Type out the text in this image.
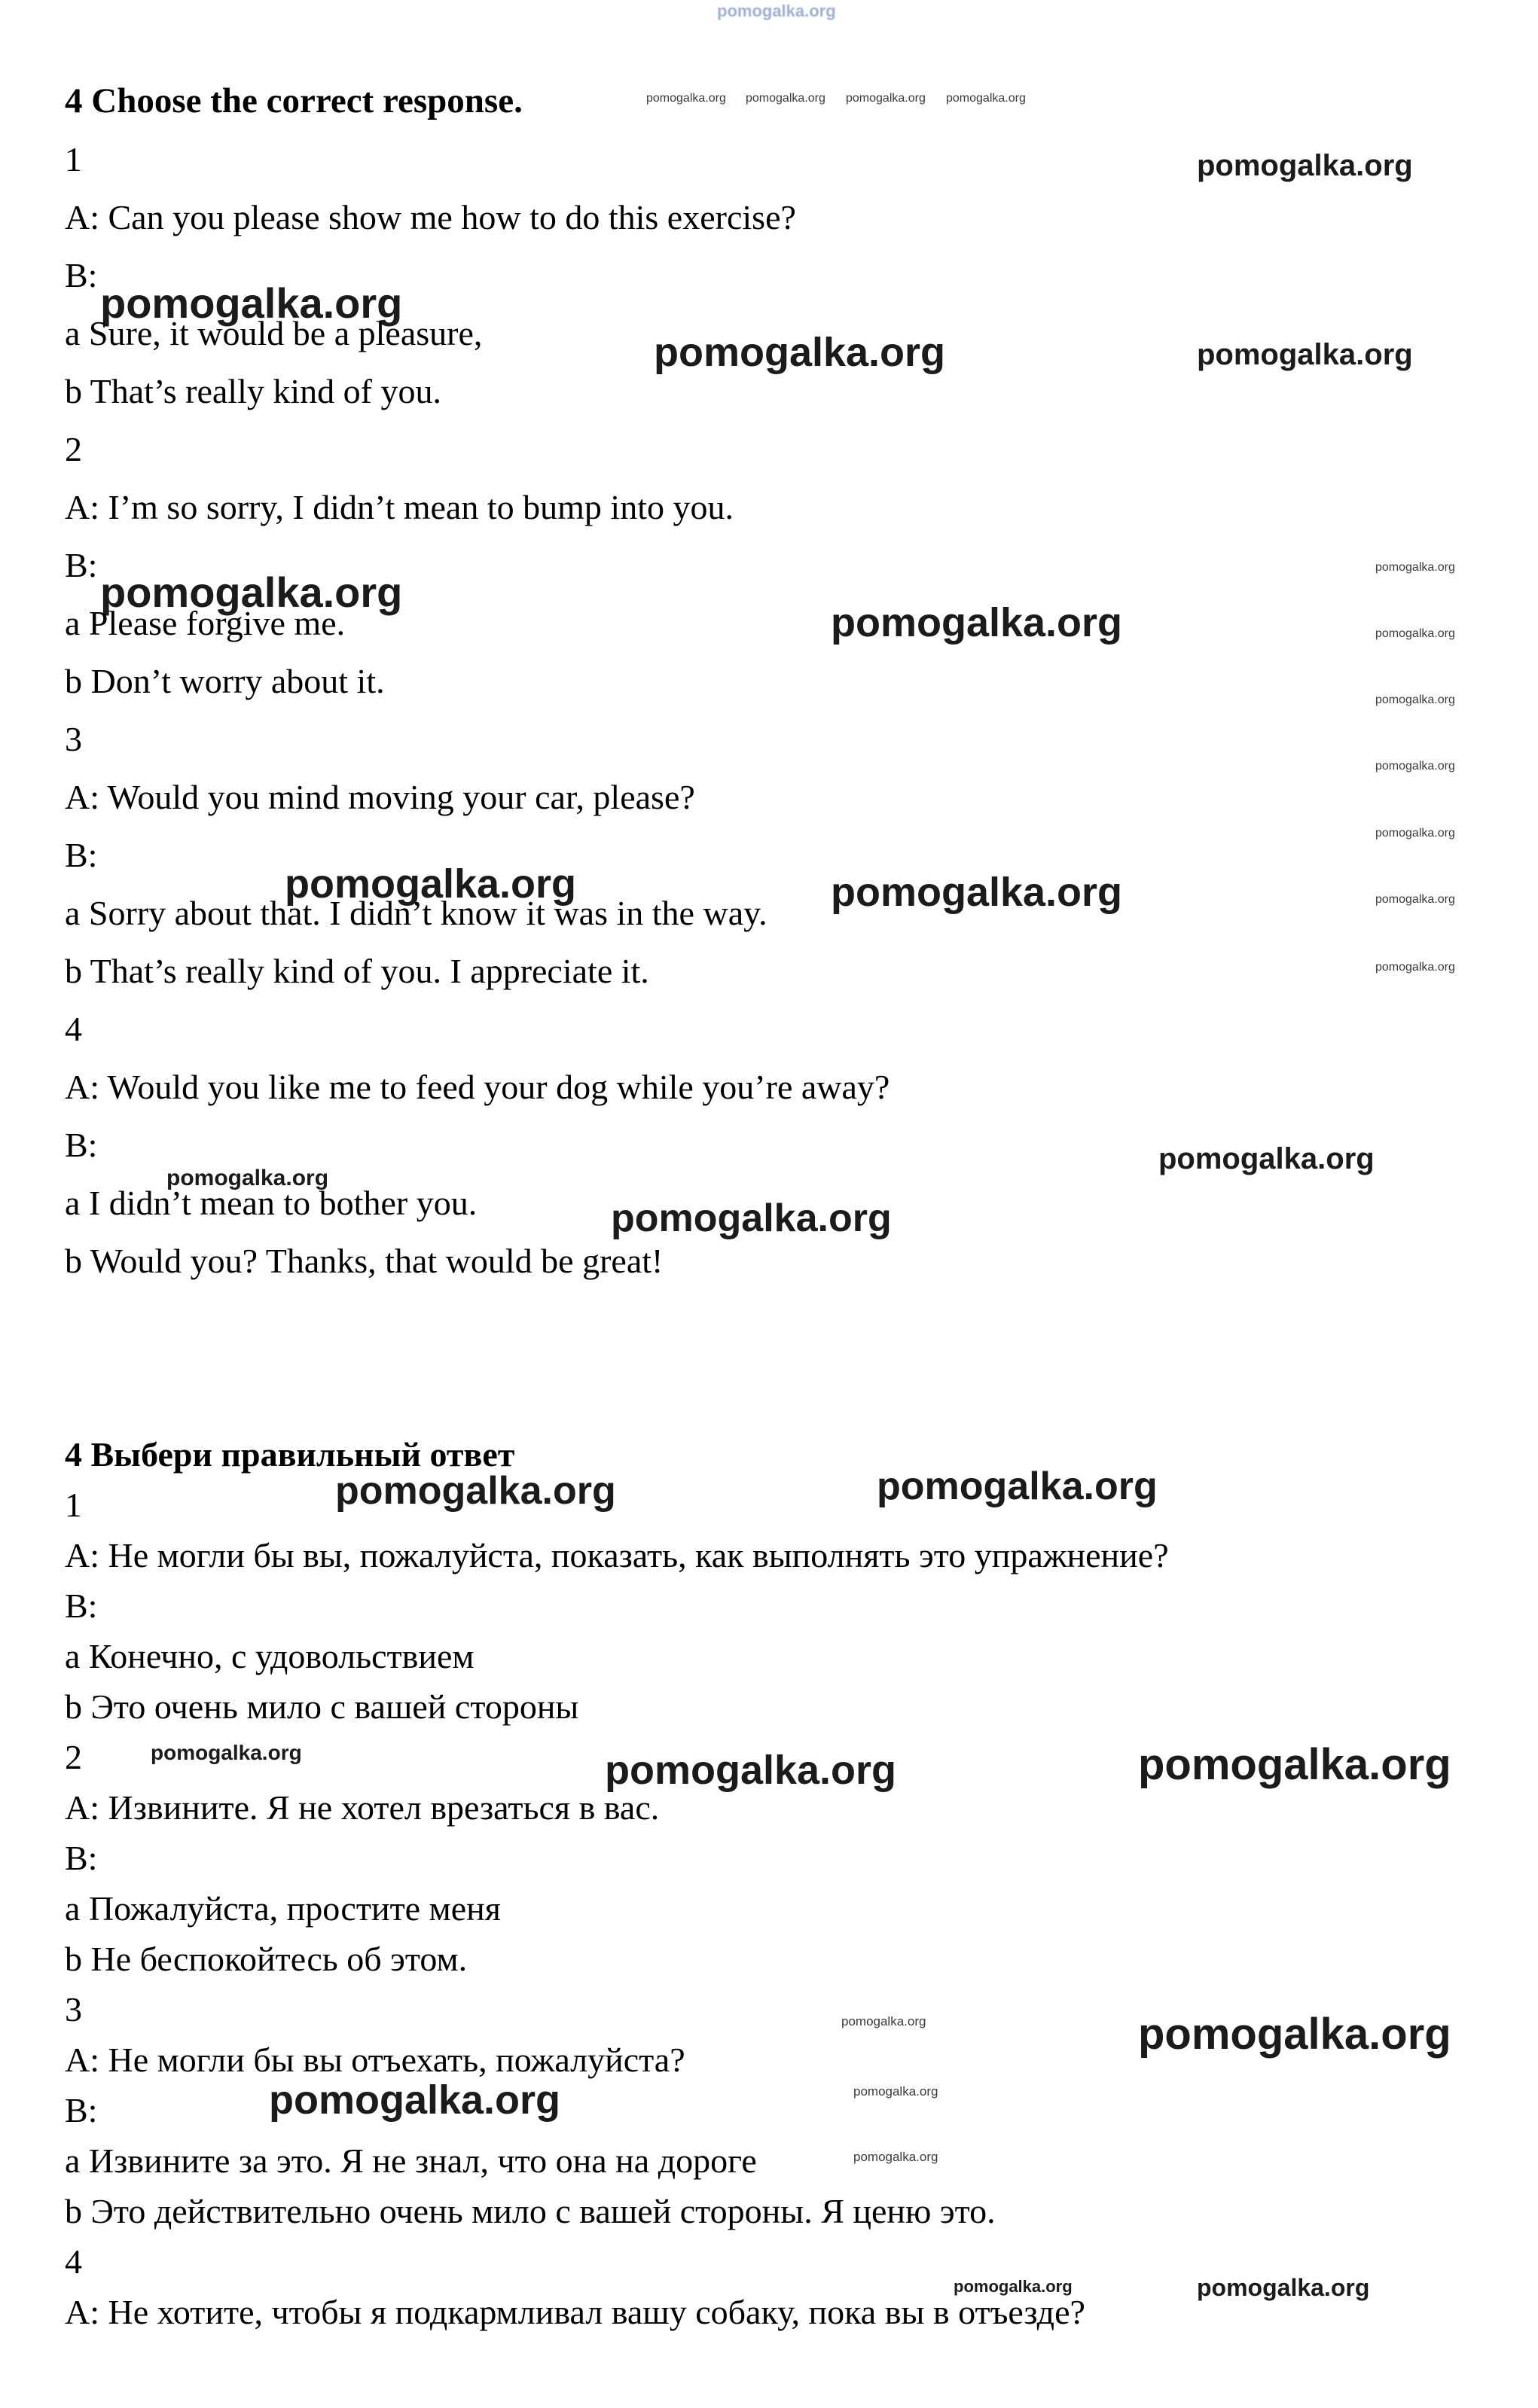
pomogalka.org
pomogalka.org pomogalka.org pomogalka.org pomogalka.org
pomogalka.org
pomogalka.org
pomogalka.org	pomogalka.org
pomogalka.org
pomogalka.org
pomogalka.org
pomogalka.org
pomogalka.org
pomogalka.org
pomogalka.org
pomogalka.org
pomogalka.org
pomogalka.org	pomogalka.org
pomogalka.org
pomogalka.org
pomogalka.org
pomogalka.org	pomogalka.org
pomogalka.org	pomogalka.org	pomogalka.org
pomogalka.org	pomogalka.org
pomogalka.org	pomogalka.org
pomogalka.org
pomogalka.org	pomogalka.org
4 Choose the correct response.

1

A: Can you please show me how to do this exercise?

B:

a Sure, it would be a pleasure,

b That’s really kind of you.

2

A: I’m so sorry, I didn’t mean to bump into you.

B:

a Please forgive me.

b Don’t worry about it.

3

A: Would you mind moving your car, please?

B:

a Sorry about that. I didn’t know it was in the way.

b That’s really kind of you. I appreciate it.

4

A: Would you like me to feed your dog while you’re away?

B:

a I didn’t mean to bother you.

b Would you? Thanks, that would be great!

4 Выбери правильный ответ

1

A: Не могли бы вы, пожалуйста, показать, как выполнять это упражнение?

B:

a Конечно, с удовольствием

b Это очень мило с вашей стороны

2

A: Извините. Я не хотел врезаться в вас.

B:

a Пожалуйста, простите меня

b Не беспокойтесь об этом.

3

A: Не могли бы вы отъехать, пожалуйста?

B:

a Извините за это. Я не знал, что она на дороге

b Это действительно очень мило с вашей стороны. Я ценю это.

4

A: Не хотите, чтобы я подкармливал вашу собаку, пока вы в отъезде?
